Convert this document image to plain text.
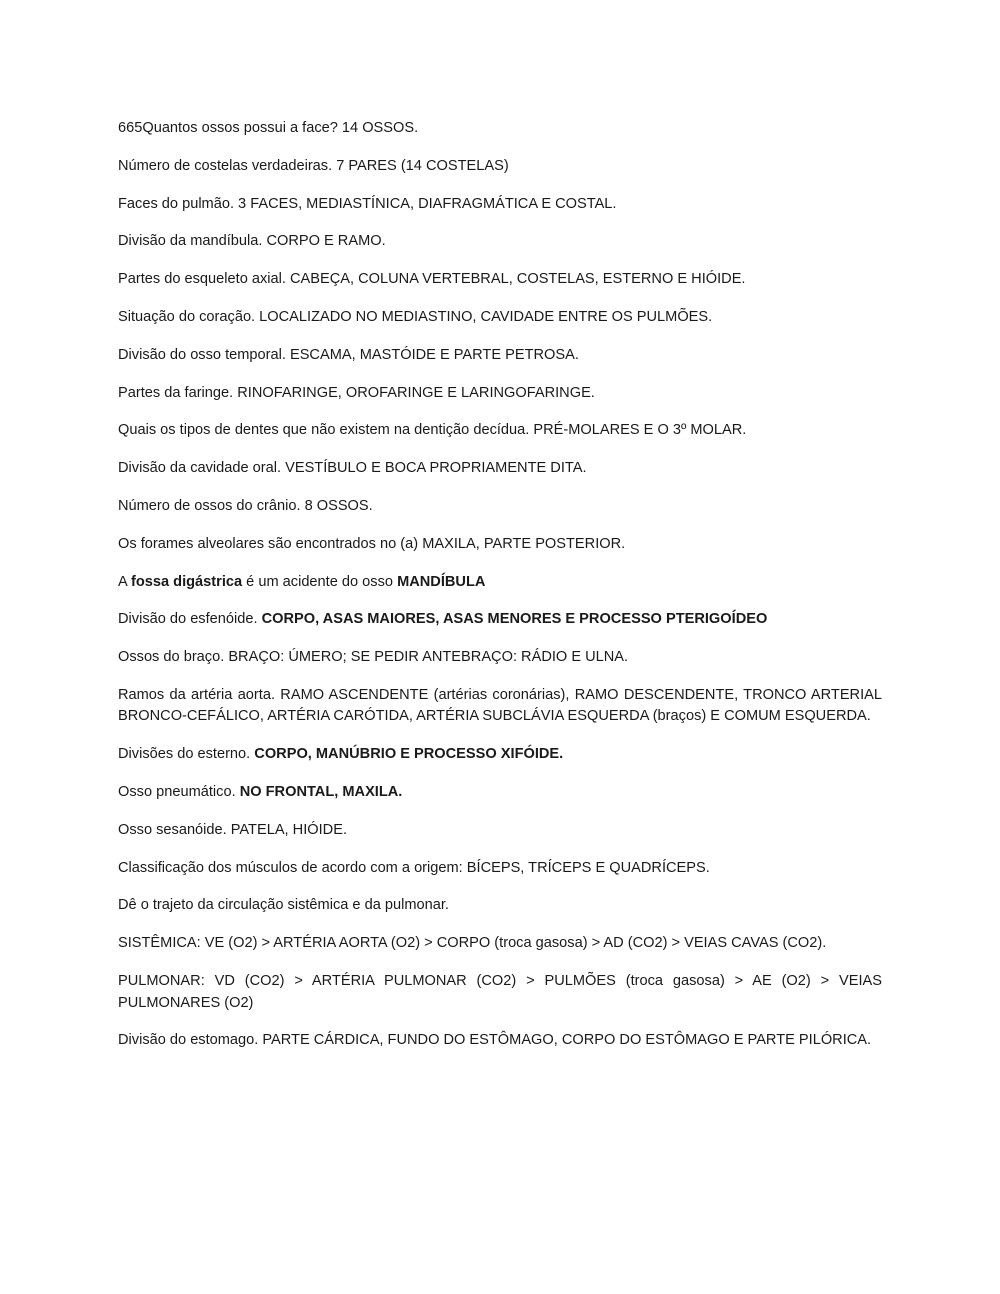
665Quantos ossos possui a face? 14 OSSOS.

Número de costelas verdadeiras. 7 PARES (14 COSTELAS)

Faces do pulmão. 3 FACES, MEDIASTÍNICA, DIAFRAGMÁTICA E COSTAL.

Divisão da mandíbula. CORPO E RAMO.

Partes do esqueleto axial. CABEÇA, COLUNA VERTEBRAL, COSTELAS, ESTERNO E HIÓIDE.

Situação do coração. LOCALIZADO NO MEDIASTINO, CAVIDADE ENTRE OS PULMÕES.

Divisão do osso temporal. ESCAMA, MASTÓIDE E PARTE PETROSA.

Partes da faringe. RINOFARINGE, OROFARINGE E LARINGOFARINGE.

Quais os tipos de dentes que não existem na dentição decídua. PRÉ-MOLARES E O 3º MOLAR.

Divisão da cavidade oral. VESTÍBULO E BOCA PROPRIAMENTE DITA.

Número de ossos do crânio. 8 OSSOS.

Os forames alveolares são encontrados no (a) MAXILA, PARTE POSTERIOR.

A fossa digástrica é um acidente do osso MANDÍBULA

Divisão do esfenóide. CORPO, ASAS MAIORES, ASAS MENORES E PROCESSO PTERIGOÍDEO

Ossos do braço. BRAÇO: ÚMERO; SE PEDIR ANTEBRAÇO: RÁDIO E ULNA.

Ramos da artéria aorta. RAMO ASCENDENTE (artérias coronárias), RAMO DESCENDENTE, TRONCO ARTERIAL BRONCO-CEFÁLICO, ARTÉRIA CARÓTIDA, ARTÉRIA SUBCLÁVIA ESQUERDA (braços) E COMUM ESQUERDA.

Divisões do esterno. CORPO, MANÚBRIO E PROCESSO XIFÓIDE.

Osso pneumático. NO FRONTAL, MAXILA.

Osso sesanóide. PATELA, HIÓIDE.

Classificação dos músculos de acordo com a origem: BÍCEPS, TRÍCEPS E QUADRÍCEPS.

Dê o trajeto da circulação sistêmica e da pulmonar.

SISTÊMICA: VE (O2) > ARTÉRIA AORTA (O2) > CORPO (troca gasosa) > AD (CO2) > VEIAS CAVAS (CO2).

PULMONAR: VD (CO2) > ARTÉRIA PULMONAR (CO2) > PULMÕES (troca gasosa) > AE (O2) > VEIAS PULMONARES (O2)

Divisão do estomago. PARTE CÁRDICA, FUNDO DO ESTÔMAGO, CORPO DO ESTÔMAGO E PARTE PILÓRICA.
